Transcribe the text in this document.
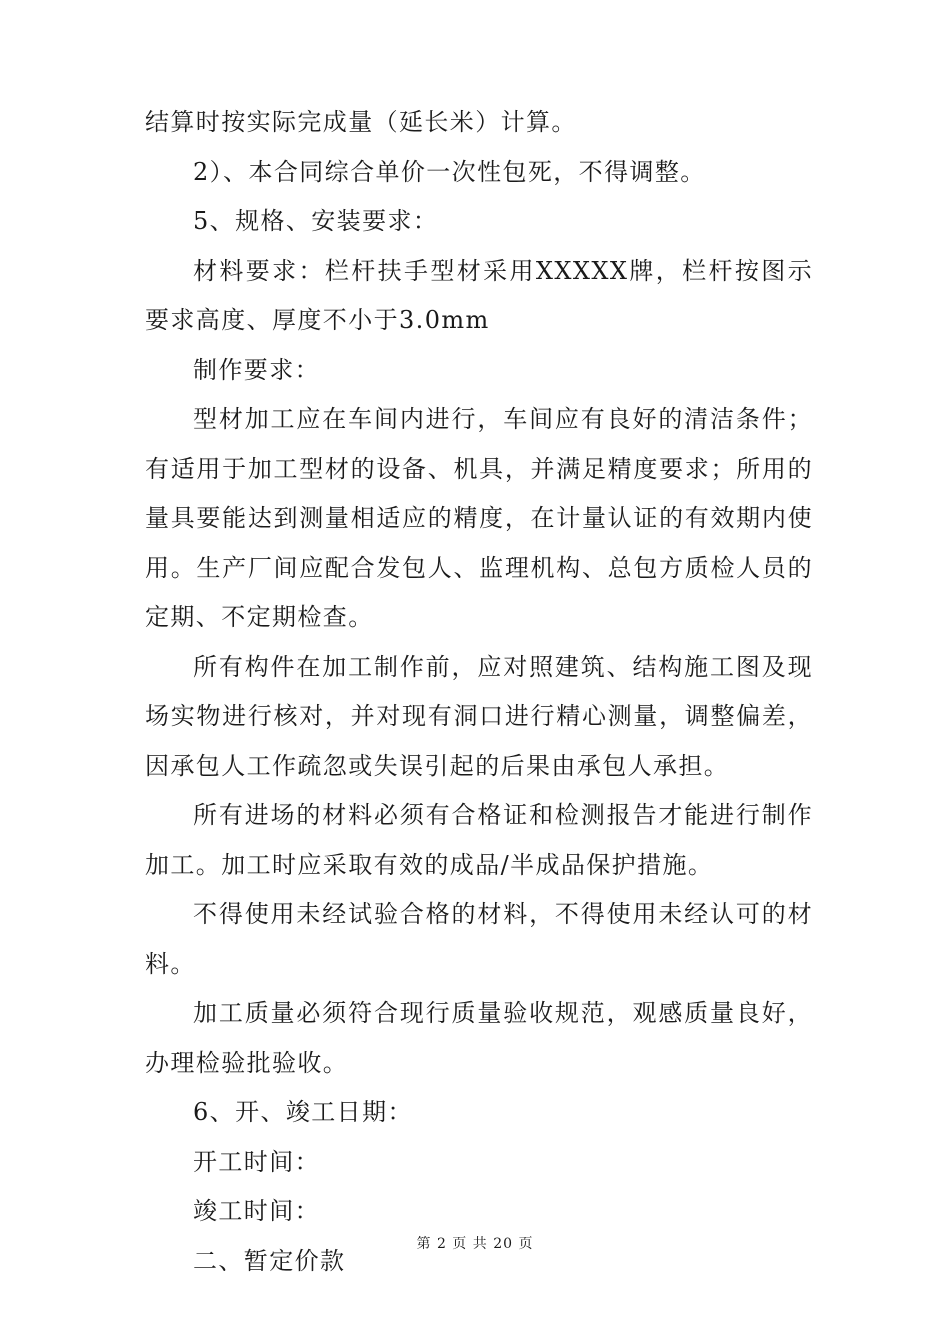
结算时按实际完成量（延长米）计算。

2）、本合同综合单价一次性包死，不得调整。

5、规格、安装要求：

材料要求：栏杆扶手型材采用XXXXX牌，栏杆按图示要求高度、厚度不小于3.0mm

制作要求：

型材加工应在车间内进行，车间应有良好的清洁条件；有适用于加工型材的设备、机具，并满足精度要求；所用的量具要能达到测量相适应的精度，在计量认证的有效期内使用。生产厂间应配合发包人、监理机构、总包方质检人员的定期、不定期检查。

所有构件在加工制作前，应对照建筑、结构施工图及现场实物进行核对，并对现有洞口进行精心测量，调整偏差，因承包人工作疏忽或失误引起的后果由承包人承担。

所有进场的材料必须有合格证和检测报告才能进行制作加工。加工时应采取有效的成品/半成品保护措施。

不得使用未经试验合格的材料，不得使用未经认可的材料。

加工质量必须符合现行质量验收规范，观感质量良好，办理检验批验收。

6、开、竣工日期：

开工时间：

竣工时间：

二、暂定价款

第 2 页 共 20 页
